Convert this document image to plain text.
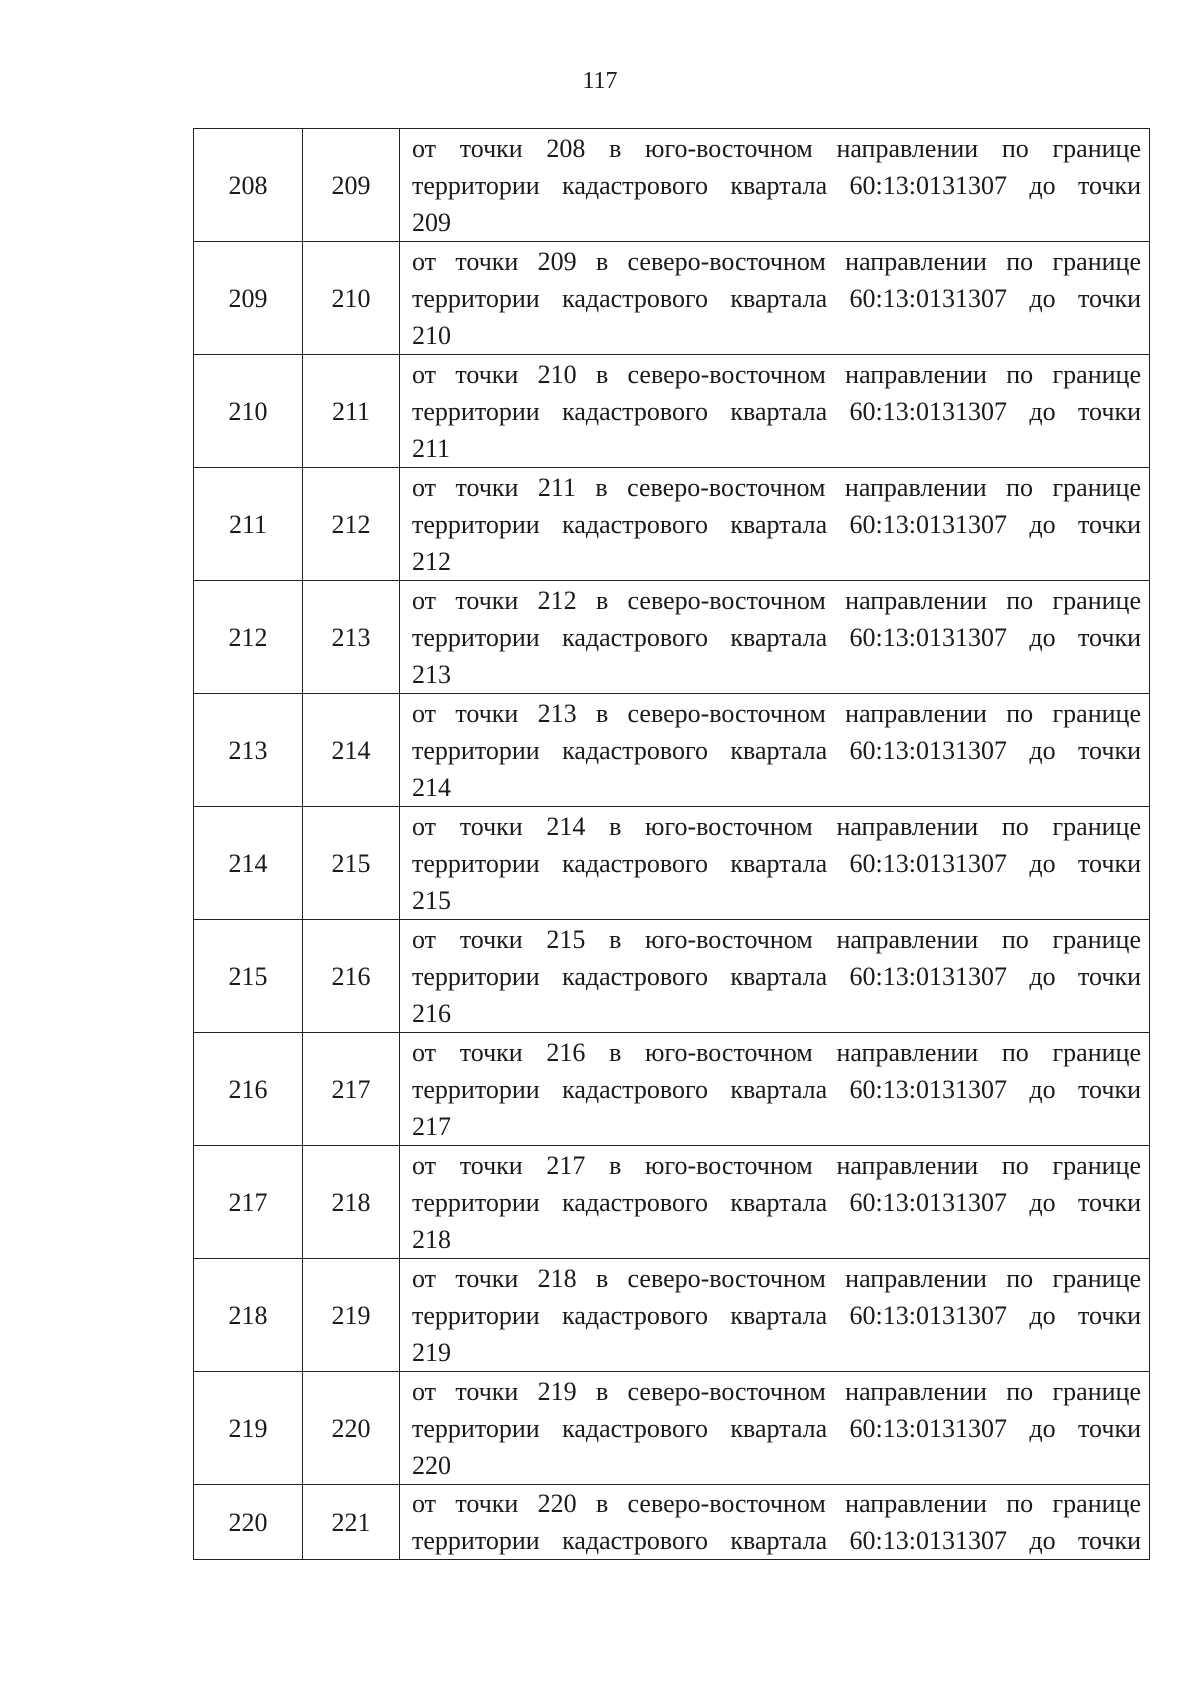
117
208	209	от точки 208 в юго-восточном направлении по границе
территории кадастрового квартала 60:13:0131307 до точки
209

209	210	от точки 209 в северо-восточном направлении по границе
территории кадастрового квартала 60:13:0131307 до точки
210

210	211	от точки 210 в северо-восточном направлении по границе
территории кадастрового квартала 60:13:0131307 до точки
211

211	212	от точки 211 в северо-восточном направлении по границе
территории кадастрового квартала 60:13:0131307 до точки
212

212	213	от точки 212 в северо-восточном направлении по границе
территории кадастрового квартала 60:13:0131307 до точки
213

213	214	от точки 213 в северо-восточном направлении по границе
территории кадастрового квартала 60:13:0131307 до точки
214

214	215	от точки 214 в юго-восточном направлении по границе
территории кадастрового квартала 60:13:0131307 до точки
215

215	216	от точки 215 в юго-восточном направлении по границе
территории кадастрового квартала 60:13:0131307 до точки
216

216	217	от точки 216 в юго-восточном направлении по границе
территории кадастрового квартала 60:13:0131307 до точки
217

217	218	от точки 217 в юго-восточном направлении по границе
территории кадастрового квартала 60:13:0131307 до точки
218

218	219	от точки 218 в северо-восточном направлении по границе
территории кадастрового квартала 60:13:0131307 до точки
219

219	220	от точки 219 в северо-восточном направлении по границе
территории кадастрового квартала 60:13:0131307 до точки
220

220	221	от точки 220 в северо-восточном направлении по границе
территории кадастрового квартала 60:13:0131307 до точки
